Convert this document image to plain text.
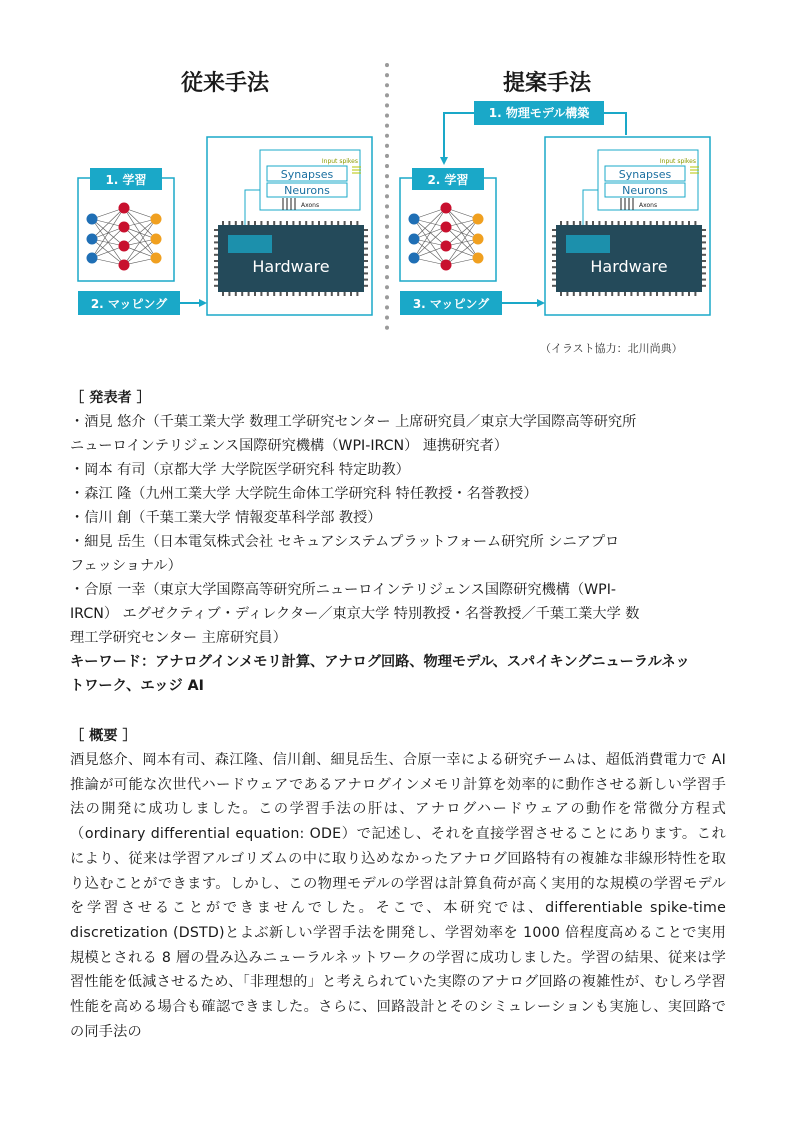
従来手法	提案手法
1. 学習
Input spikes
Synapses
Neurons
Axons
Hardware
2. マッピング
1. 物理モデル構築
2. 学習
Input spikes
Synapses
Neurons
Axons
Hardware
3. マッピング
（イラスト協力：北川尚典）

［ 発表者 ］

・酒見 悠介（千葉工業大学 数理工学研究センター 上席研究員／東京大学国際高等研究所

ニューロインテリジェンス国際研究機構（WPI-IRCN） 連携研究者）

・岡本 有司（京都大学 大学院医学研究科 特定助教）

・森江 隆（九州工業大学 大学院生命体工学研究科 特任教授・名誉教授）

・信川 創（千葉工業大学 情報変革科学部 教授）

・細見 岳生（日本電気株式会社 セキュアシステムプラットフォーム研究所 シニアプロ

フェッショナル）

・合原 一幸（東京大学国際高等研究所ニューロインテリジェンス国際研究機構（WPI-

IRCN） エグゼクティブ・ディレクター／東京大学 特別教授・名誉教授／千葉工業大学 数

理工学研究センター 主席研究員）

キーワード：アナログインメモリ計算、アナログ回路、物理モデル、スパイキングニューラルネッ

トワーク、エッジ AI

［ 概要 ］

酒見悠介、岡本有司、森江隆、信川創、細見岳生、合原一幸による研究チームは、超低消費電力で AI 推論が可能な次世代ハードウェアであるアナログインメモリ計算を効率的に動作させる新しい学習手法の開発に成功しました。この学習手法の肝は、アナログハードウェアの動作を常微分方程式（ordinary differential equation: ODE）で記述し、それを直接学習させることにあります。これにより、従来は学習アルゴリズムの中に取り込めなかったアナログ回路特有の複雑な非線形特性を取り込むことができます。しかし、この物理モデルの学習は計算負荷が高く実用的な規模の学習モデルを学習させることができませんでした。そこで、本研究では、differentiable spike-time discretization (DSTD)とよぶ新しい学習手法を開発し、学習効率を 1000 倍程度高めることで実用規模とされる 8 層の畳み込みニューラルネットワークの学習に成功しました。学習の結果、従来は学習性能を低減させるため、「非理想的」と考えられていた実際のアナログ回路の複雑性が、むしろ学習性能を高める場合も確認できました。さらに、回路設計とそのシミュレーションも実施し、実回路での同手法の
